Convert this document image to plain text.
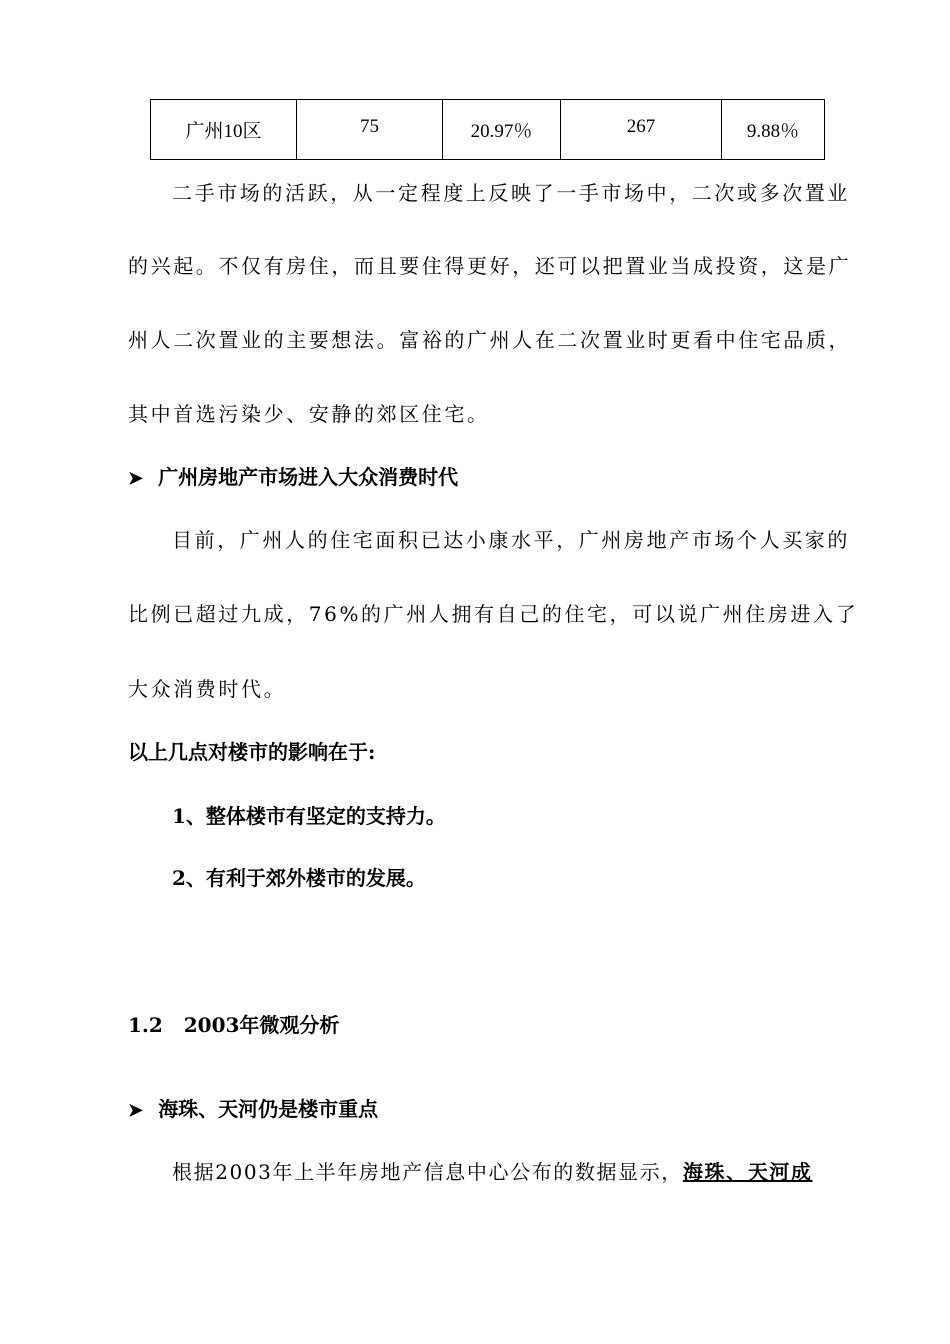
广州10区	75	20.97％	267	9.88％
二手市场的活跃，从一定程度上反映了一手市场中，二次或多次置业
的兴起。不仅有房住，而且要住得更好，还可以把置业当成投资，这是广
州人二次置业的主要想法。富裕的广州人在二次置业时更看中住宅品质，
其中首选污染少、安静的郊区住宅。
➤ 广州房地产市场进入大众消费时代
目前，广州人的住宅面积已达小康水平，广州房地产市场个人买家的
比例已超过九成，76%的广州人拥有自己的住宅，可以说广州住房进入了
大众消费时代。
以上几点对楼市的影响在于:
1、整体楼市有坚定的支持力。
2、有利于郊外楼市的发展。
1.2 2003年微观分析
➤ 海珠、天河仍是楼市重点
根据2003年上半年房地产信息中心公布的数据显示，海珠、天河成
